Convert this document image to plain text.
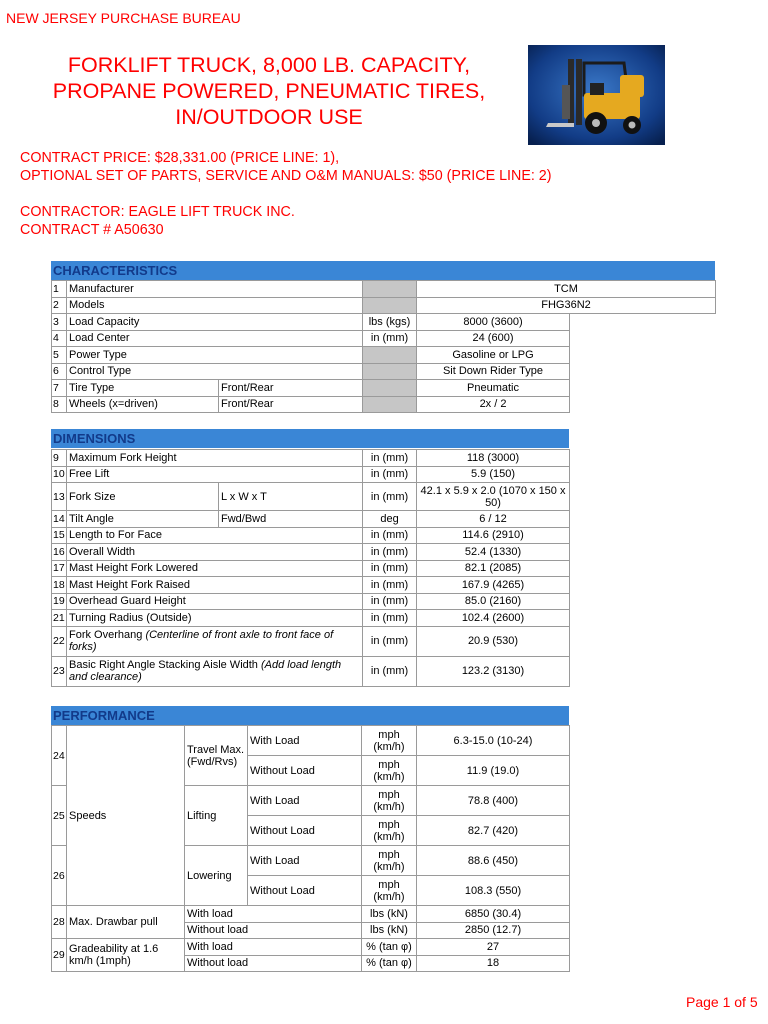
NEW JERSEY PURCHASE BUREAU
FORKLIFT TRUCK, 8,000 LB. CAPACITY,
PROPANE POWERED, PNEUMATIC TIRES,
IN/OUTDOOR USE
CONTRACT PRICE: $28,331.00 (PRICE LINE: 1),
OPTIONAL SET OF PARTS, SERVICE AND O&M MANUALS: $50 (PRICE LINE: 2)
CONTRACTOR: EAGLE LIFT TRUCK INC.
CONTRACT # A50630
CHARACTERISTICS
1	Manufacturer		TCM
2	Models		FHG36N2
3	Load Capacity		lbs (kgs)	8000 (3600)
4	Load Center		in (mm)	24 (600)
5	Power Type			Gasoline or LPG
6	Control Type			Sit Down Rider Type
7	Tire Type	Front/Rear		Pneumatic
8	Wheels (x=driven)	Front/Rear		2x / 2
DIMENSIONS
9	Maximum Fork Height		in (mm)	118 (3000)
10	Free Lift		in (mm)	5.9 (150)
13	Fork Size	L x W x T	in (mm)	42.1 x 5.9 x 2.0 (1070 x 150 x 50)
14	Tilt Angle	Fwd/Bwd	deg	6 / 12
15	Length to For Face		in (mm)	114.6 (2910)
16	Overall Width		in (mm)	52.4 (1330)
17	Mast Height Fork Lowered		in (mm)	82.1 (2085)
18	Mast Height Fork Raised		in (mm)	167.9 (4265)
19	Overhead Guard Height		in (mm)	85.0 (2160)
21	Turning Radius (Outside)		in (mm)	102.4 (2600)
22	Fork Overhang (Centerline of front axle to front face of forks)		in (mm)	20.9 (530)
23	Basic Right Angle Stacking Aisle Width (Add load length and clearance)		in (mm)	123.2 (3130)
PERFORMANCE
24	Speeds	Travel Max. (Fwd/Rvs)	With Load	mph (km/h)	6.3-15.0 (10-24)
			Without Load	mph (km/h)	11.9 (19.0)
25		Lifting	With Load	mph (km/h)	78.8 (400)
			Without Load	mph (km/h)	82.7 (420)
26		Lowering	With Load	mph (km/h)	88.6 (450)
			Without Load	mph (km/h)	108.3 (550)
28	Max. Drawbar pull	With load		lbs (kN)	6850 (30.4)
		Without load		lbs (kN)	2850 (12.7)
29	Gradeability at 1.6 km/h (1mph)	With load		% (tan φ)	27
		Without load		% (tan φ)	18
Page 1 of 5
